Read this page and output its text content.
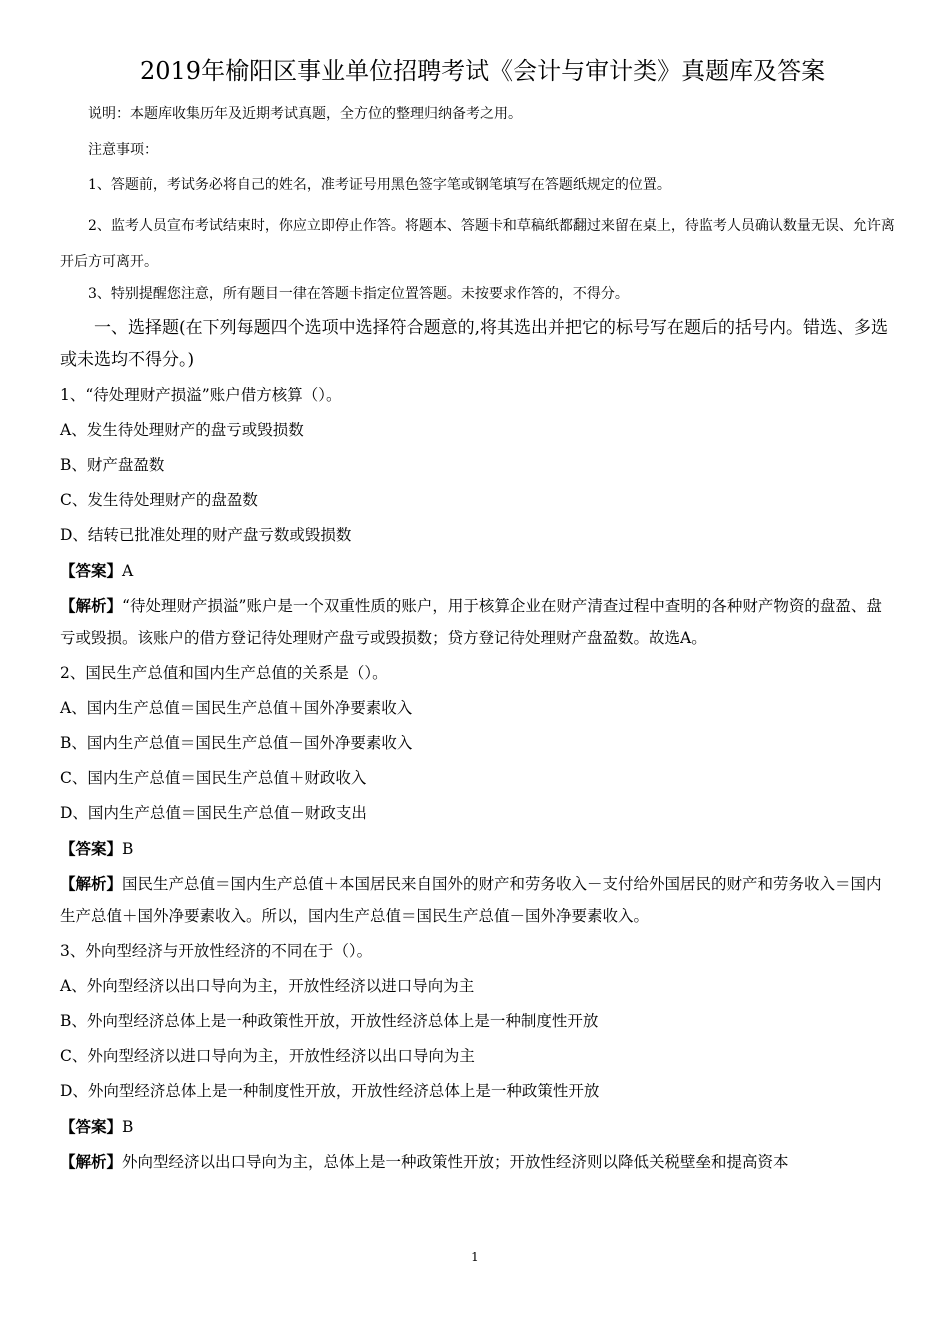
2019年榆阳区事业单位招聘考试《会计与审计类》真题库及答案

说明：本题库收集历年及近期考试真题，全方位的整理归纳备考之用。

注意事项：

1、答题前，考试务必将自己的姓名，准考证号用黑色签字笔或钢笔填写在答题纸规定的位置。

2、监考人员宣布考试结束时，你应立即停止作答。将题本、答题卡和草稿纸都翻过来留在桌上，待监考人员确认数量无误、允许离开后方可离开。

3、特别提醒您注意，所有题目一律在答题卡指定位置答题。未按要求作答的，不得分。

一、选择题(在下列每题四个选项中选择符合题意的,将其选出并把它的标号写在题后的括号内。错选、多选或未选均不得分。)
1、“待处理财产损溢”账户借方核算（）。
A、发生待处理财产的盘亏或毁损数
B、财产盘盈数
C、发生待处理财产的盘盈数
D、结转已批准处理的财产盘亏数或毁损数
【答案】A
【解析】“待处理财产损溢”账户是一个双重性质的账户，用于核算企业在财产清查过程中查明的各种财产物资的盘盈、盘亏或毁损。该账户的借方登记待处理财产盘亏或毁损数；贷方登记待处理财产盘盈数。故选A。
2、国民生产总值和国内生产总值的关系是（）。
A、国内生产总值＝国民生产总值＋国外净要素收入
B、国内生产总值＝国民生产总值－国外净要素收入
C、国内生产总值＝国民生产总值＋财政收入
D、国内生产总值＝国民生产总值－财政支出
【答案】B
【解析】国民生产总值＝国内生产总值＋本国居民来自国外的财产和劳务收入－支付给外国居民的财产和劳务收入＝国内生产总值＋国外净要素收入。所以，国内生产总值＝国民生产总值－国外净要素收入。
3、外向型经济与开放性经济的不同在于（）。
A、外向型经济以出口导向为主，开放性经济以进口导向为主
B、外向型经济总体上是一种政策性开放，开放性经济总体上是一种制度性开放
C、外向型经济以进口导向为主，开放性经济以出口导向为主
D、外向型经济总体上是一种制度性开放，开放性经济总体上是一种政策性开放
【答案】B
【解析】外向型经济以出口导向为主，总体上是一种政策性开放；开放性经济则以降低关税壁垒和提高资本
1
